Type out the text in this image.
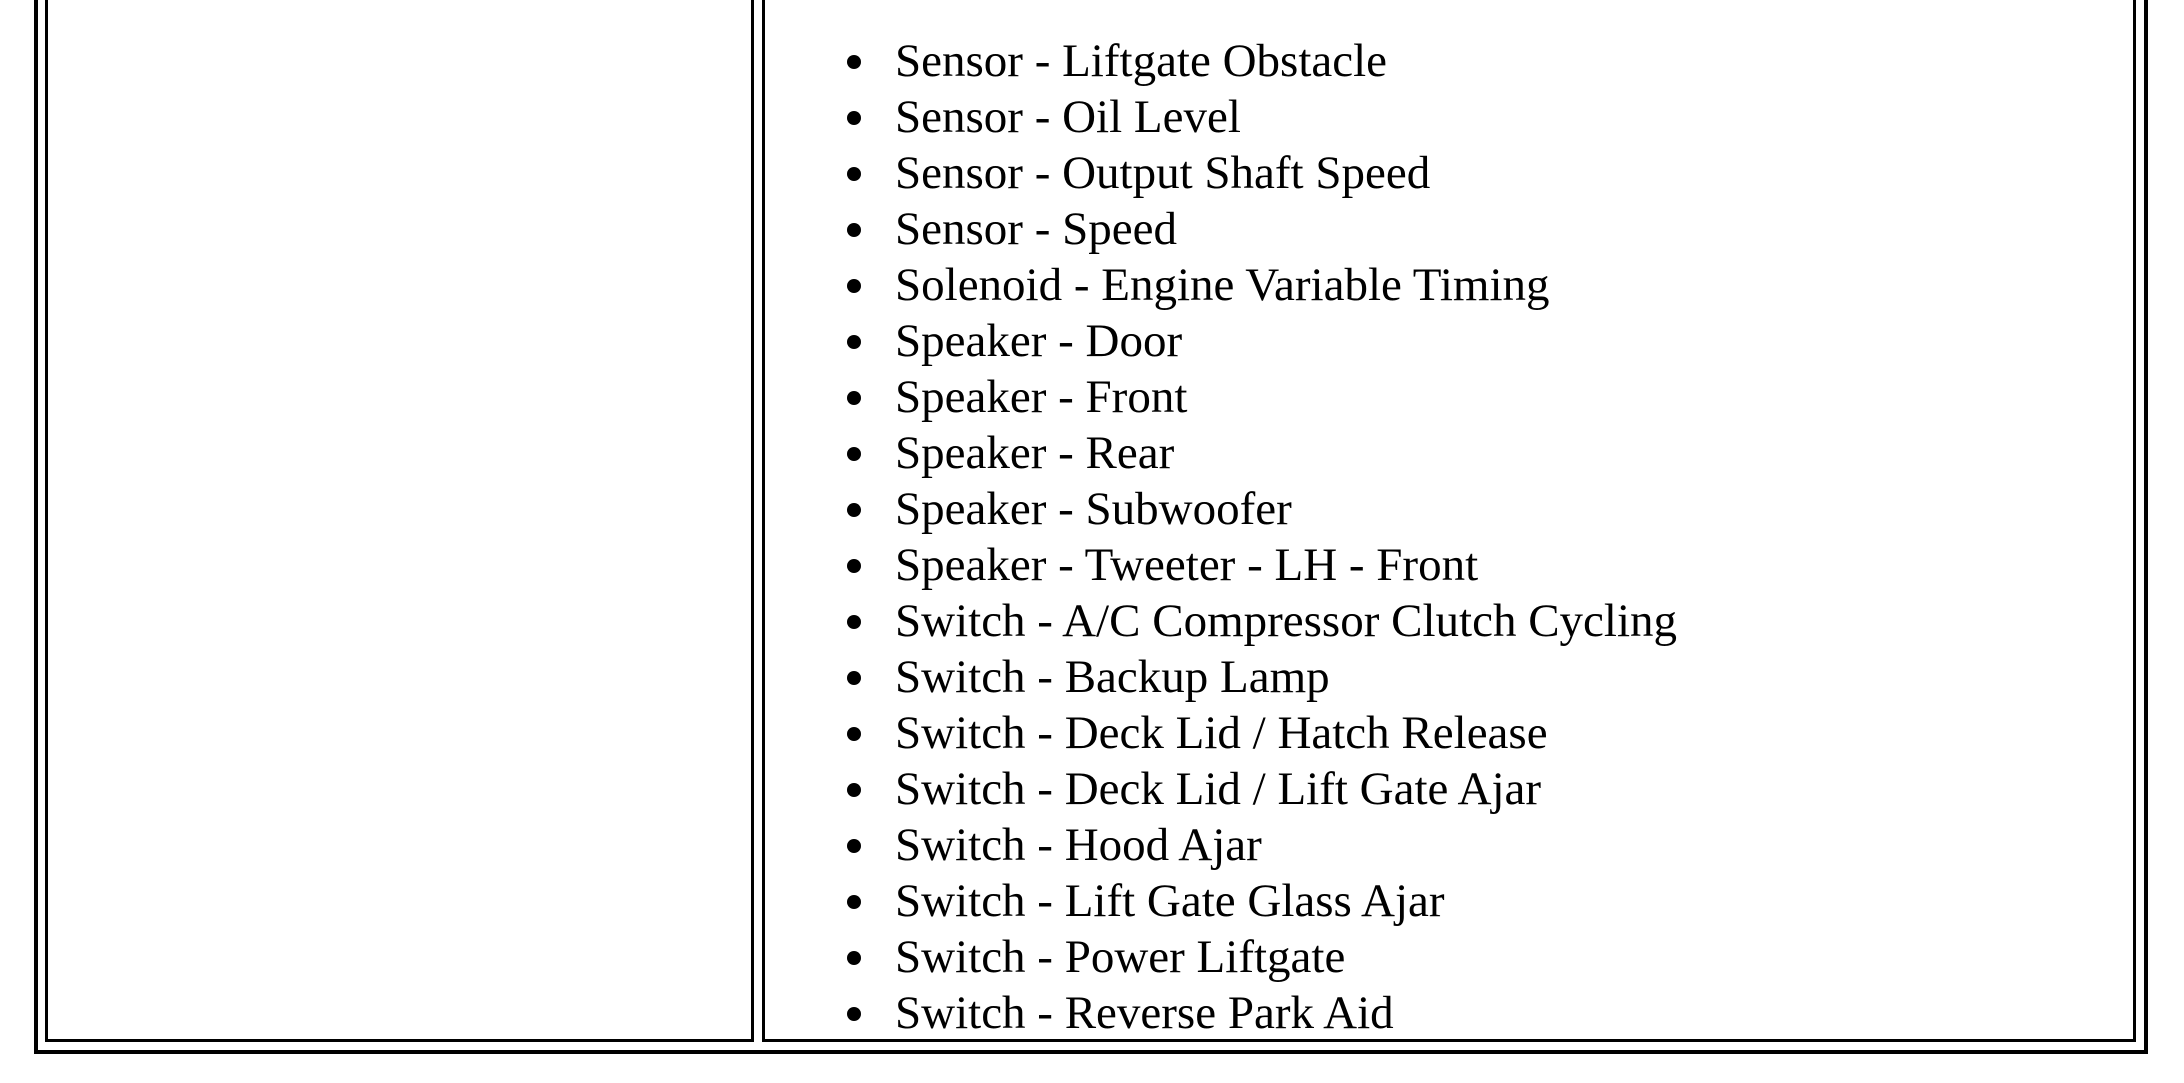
Sensor - Liftgate Obstacle
Sensor - Oil Level
Sensor - Output Shaft Speed
Sensor - Speed
Solenoid - Engine Variable Timing
Speaker - Door
Speaker - Front
Speaker - Rear
Speaker - Subwoofer
Speaker - Tweeter - LH - Front
Switch - A/C Compressor Clutch Cycling
Switch - Backup Lamp
Switch - Deck Lid / Hatch Release
Switch - Deck Lid / Lift Gate Ajar
Switch - Hood Ajar
Switch - Lift Gate Glass Ajar
Switch - Power Liftgate
Switch - Reverse Park Aid
